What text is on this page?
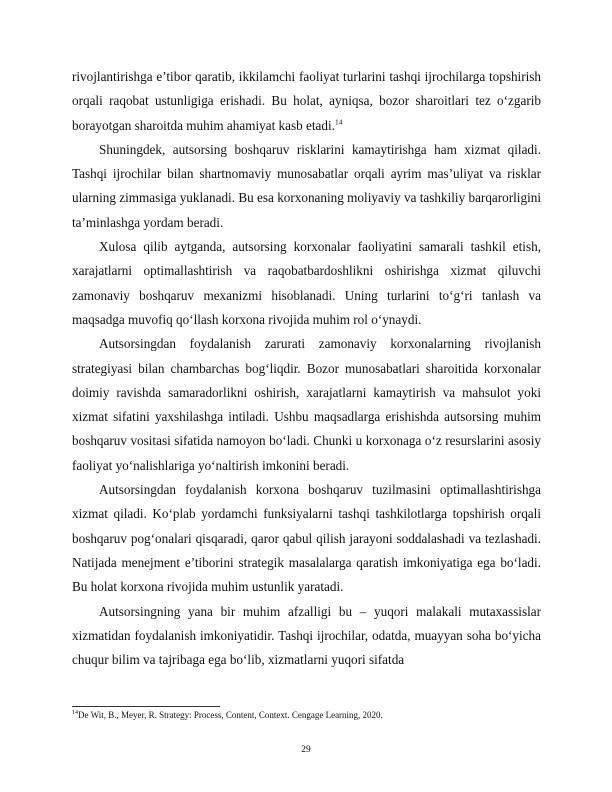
rivojlantirishga e’tibor qaratib, ikkilamchi faoliyat turlarini tashqi ijrochilarga topshirish orqali raqobat ustunligiga erishadi. Bu holat, ayniqsa, bozor sharoitlari tez o‘zgarib borayotgan sharoitda muhim ahamiyat kasb etadi.$^{14}$

Shuningdek, autsorsing boshqaruv risklarini kamaytirishga ham xizmat qiladi. Tashqi ijrochilar bilan shartnomaviy munosabatlar orqali ayrim mas’uliyat va risklar ularning zimmasiga yuklanadi. Bu esa korxonaning moliyaviy va tashkiliy barqarorligini ta’minlashga yordam beradi.

Xulosa qilib aytganda, autsorsing korxonalar faoliyatini samarali tashkil etish, xarajatlarni optimallashtirish va raqobatbardoshlikni oshirishga xizmat qiluvchi zamonaviy boshqaruv mexanizmi hisoblanadi. Uning turlarini to‘g‘ri tanlash va maqsadga muvofiq qo‘llash korxona rivojida muhim rol o‘ynaydi.

Autsorsingdan foydalanish zarurati zamonaviy korxonalarning rivojlanish strategiyasi bilan chambarchas bog‘liqdir. Bozor munosabatlari sharoitida korxonalar doimiy ravishda samaradorlikni oshirish, xarajatlarni kamaytirish va mahsulot yoki xizmat sifatini yaxshilashga intiladi. Ushbu maqsadlarga erishishda autsorsing muhim boshqaruv vositasi sifatida namoyon bo‘ladi. Chunki u korxonaga o‘z resurslarini asosiy faoliyat yo‘nalishlariga yo‘naltirish imkonini beradi.

Autsorsingdan foydalanish korxona boshqaruv tuzilmasini optimallashtirishga xizmat qiladi. Ko‘plab yordamchi funksiyalarni tashqi tashkilotlarga topshirish orqali boshqaruv pog‘onalari qisqaradi, qaror qabul qilish jarayoni soddalashadi va tezlashadi. Natijada menejment e’tiborini strategik masalalarga qaratish imkoniyatiga ega bo‘ladi. Bu holat korxona rivojida muhim ustunlik yaratadi.

Autsorsingning yana bir muhim afzalligi bu – yuqori malakali mutaxassislar xizmatidan foydalanish imkoniyatidir. Tashqi ijrochilar, odatda, muayyan soha bo‘yicha chuqur bilim va tajribaga ega bo‘lib, xizmatlarni yuqori sifatda

$^{14}$De Wit, B., Meyer, R. Strategy: Process, Content, Context. Cengage Learning, 2020.
29
